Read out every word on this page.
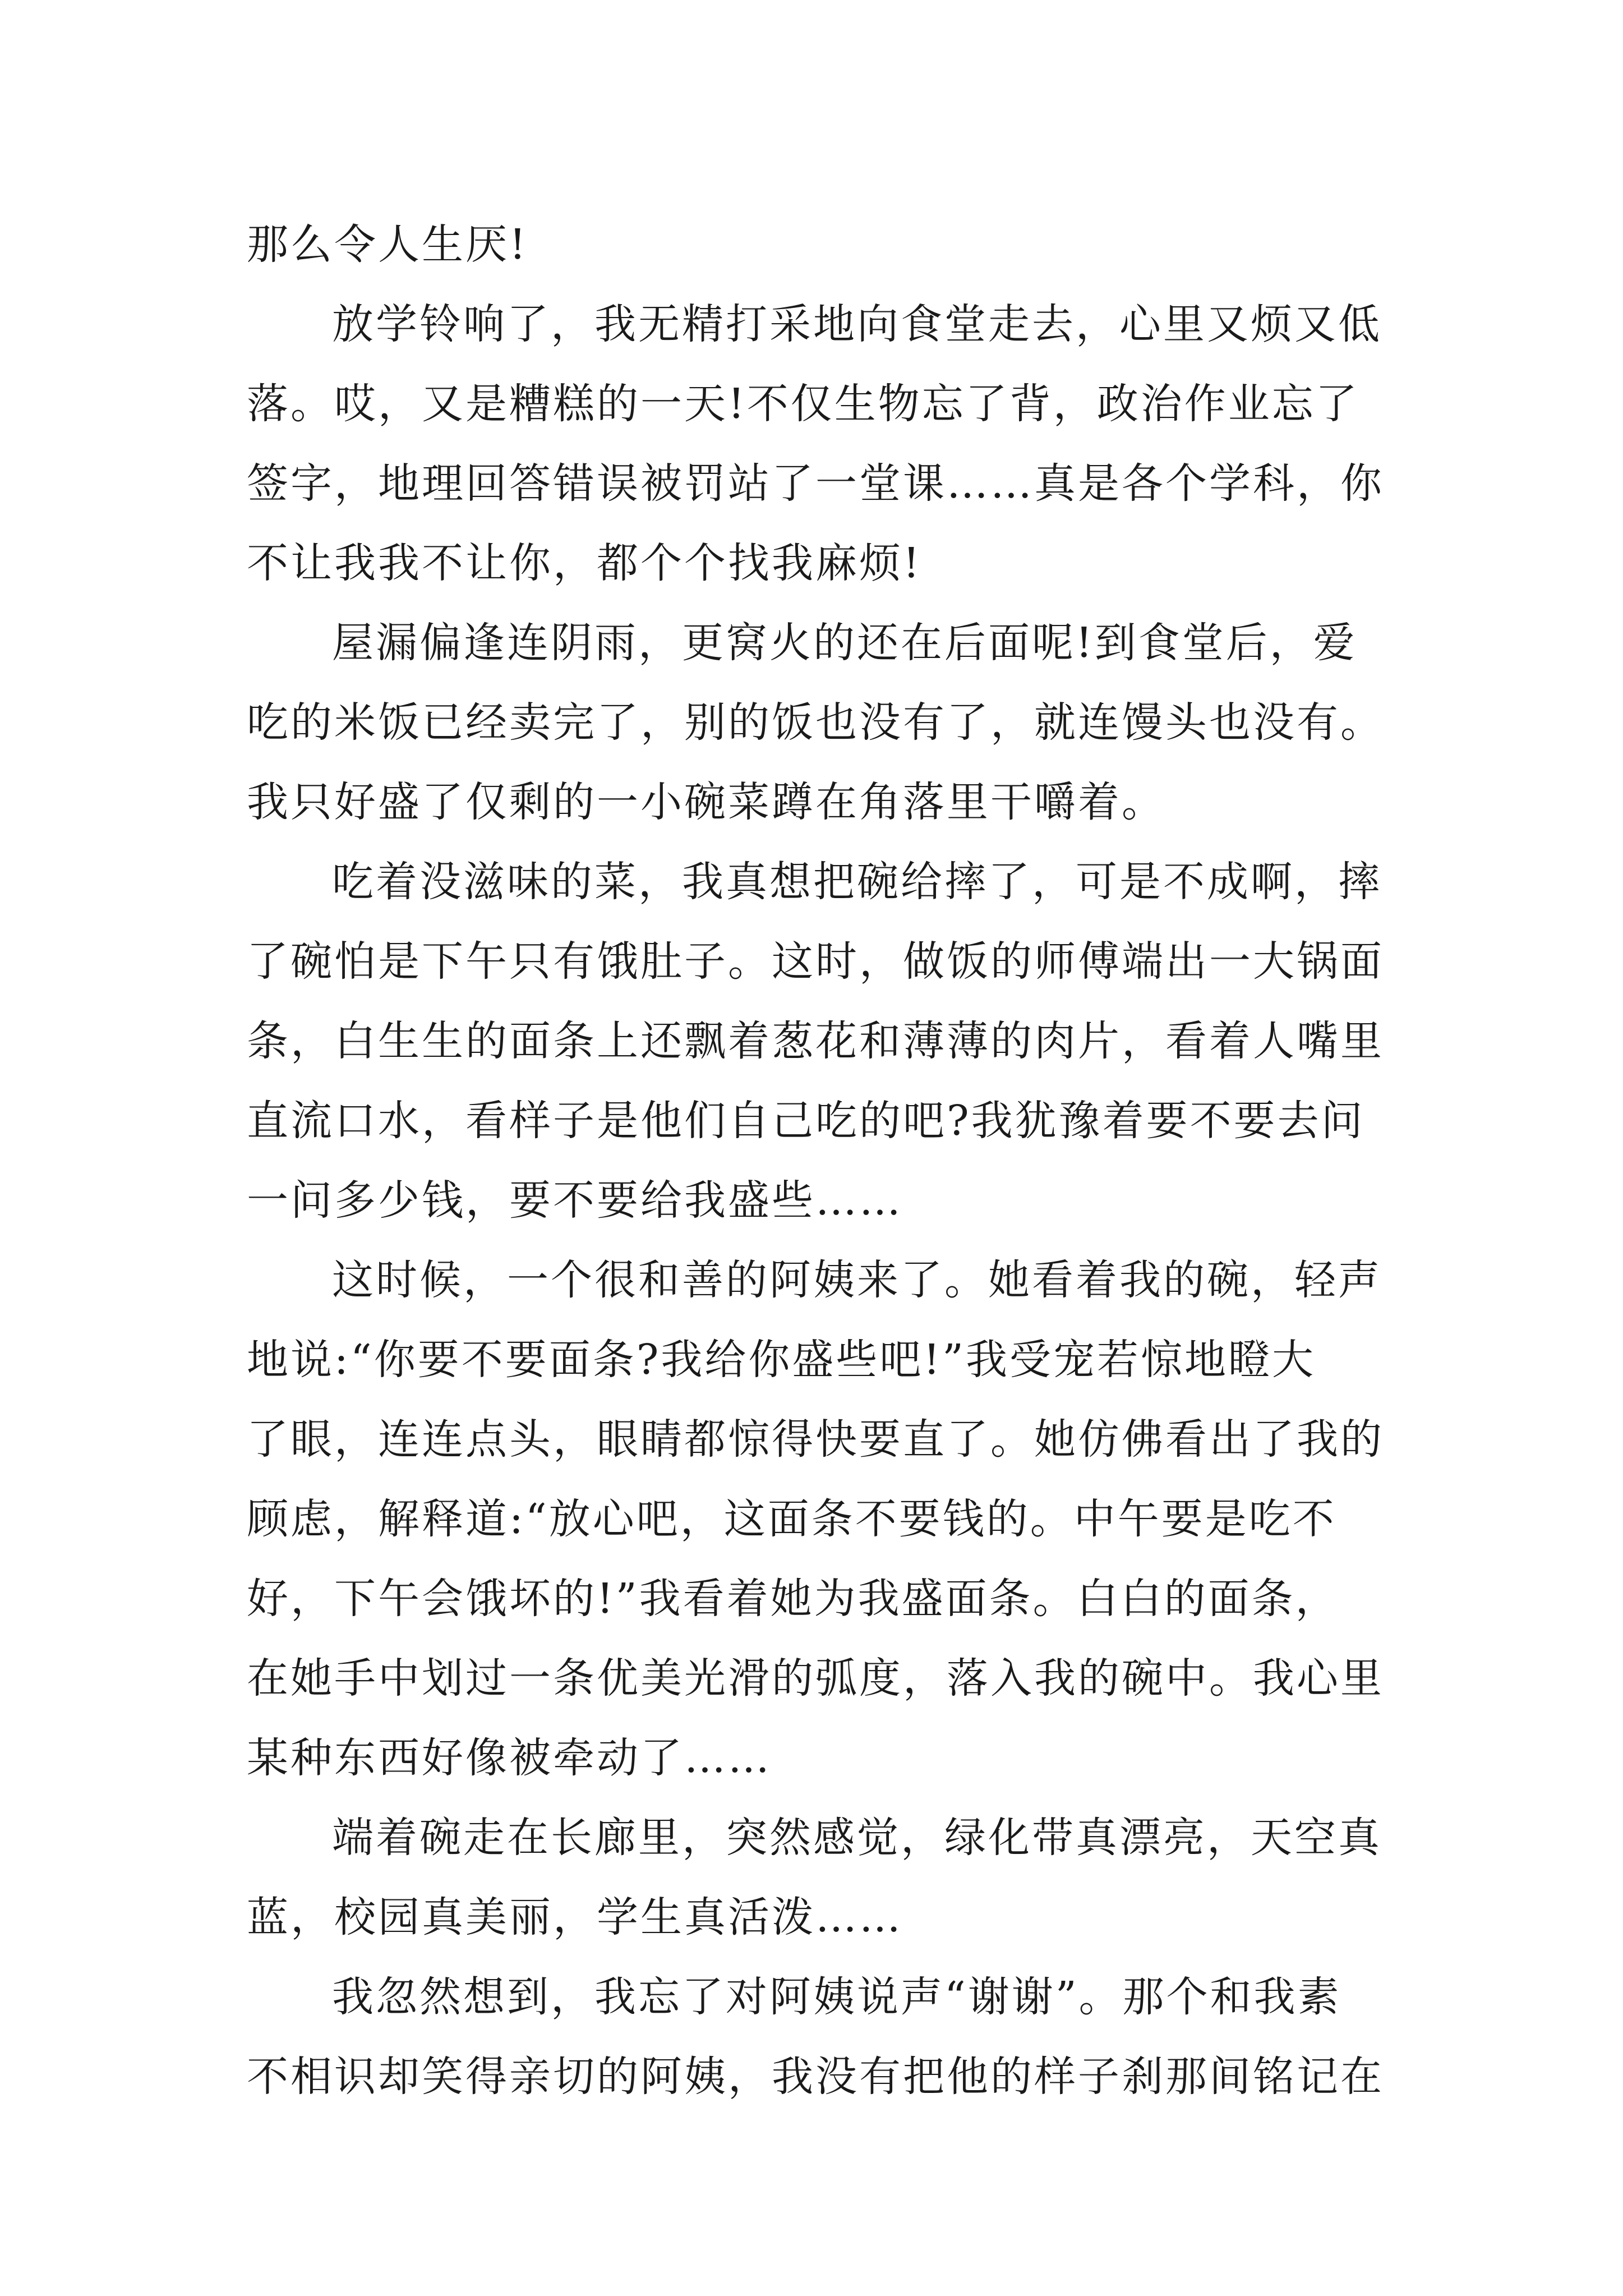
那么令人生厌!
放学铃响了，我无精打采地向食堂走去，心里又烦又低
落。哎，又是糟糕的一天!不仅生物忘了背，政治作业忘了
签字，地理回答错误被罚站了一堂课……真是各个学科，你
不让我我不让你，都个个找我麻烦!
屋漏偏逢连阴雨，更窝火的还在后面呢!到食堂后，爱
吃的米饭已经卖完了，别的饭也没有了，就连馒头也没有。
我只好盛了仅剩的一小碗菜蹲在角落里干嚼着。
吃着没滋味的菜，我真想把碗给摔了，可是不成啊，摔
了碗怕是下午只有饿肚子。这时，做饭的师傅端出一大锅面
条，白生生的面条上还飘着葱花和薄薄的肉片，看着人嘴里
直流口水，看样子是他们自己吃的吧?我犹豫着要不要去问
一问多少钱，要不要给我盛些……
这时候，一个很和善的阿姨来了。她看着我的碗，轻声
地说:“你要不要面条?我给你盛些吧!”我受宠若惊地瞪大
了眼，连连点头，眼睛都惊得快要直了。她仿佛看出了我的
顾虑，解释道:“放心吧，这面条不要钱的。中午要是吃不
好，下午会饿坏的!”我看着她为我盛面条。白白的面条，
在她手中划过一条优美光滑的弧度，落入我的碗中。我心里
某种东西好像被牵动了……
端着碗走在长廊里，突然感觉，绿化带真漂亮，天空真
蓝，校园真美丽，学生真活泼……
我忽然想到，我忘了对阿姨说声“谢谢”。那个和我素
不相识却笑得亲切的阿姨，我没有把他的样子刹那间铭记在
